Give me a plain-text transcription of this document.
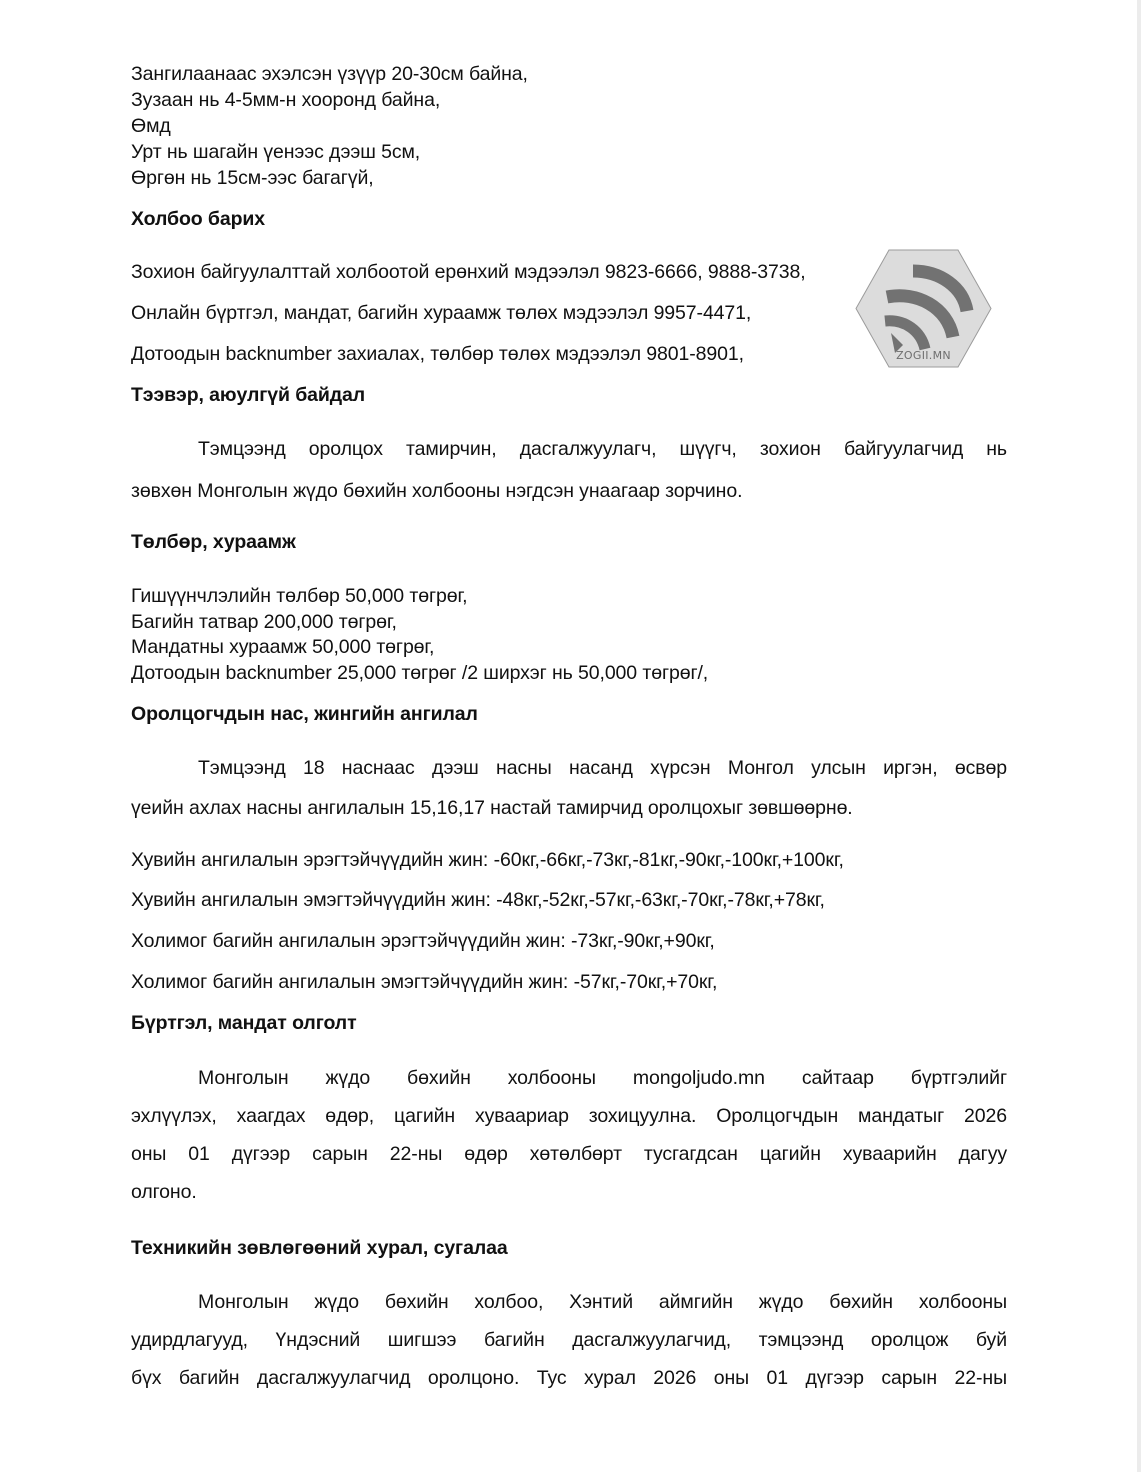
Зангилаанаас эхэлсэн үзүүр 20-30см байна,
Зузаан нь 4-5мм-н хооронд байна,
Өмд
Урт нь шагайн үенээс дээш 5см,
Өргөн нь 15см-ээс багагүй,
Холбоо барих
Зохион байгуулалттай холбоотой ерөнхий мэдээлэл 9823-6666, 9888-3738,
Онлайн бүртгэл, мандат, багийн хураамж төлөх мэдээлэл 9957-4471,
Дотоодын backnumber захиалах, төлбөр төлөх мэдээлэл 9801-8901,
Тээвэр, аюулгүй байдал
Тэмцээнд оролцох тамирчин, дасгалжуулагч, шүүгч, зохион байгуулагчид нь
зөвхөн Монголын жүдо бөхийн холбооны нэгдсэн унаагаар зорчино.
Төлбөр, хураамж
Гишүүнчлэлийн төлбөр 50,000 төгрөг,
Багийн татвар 200,000 төгрөг,
Мандатны хураамж 50,000 төгрөг,
Дотоодын backnumber 25,000 төгрөг /2 ширхэг нь 50,000 төгрөг/,
Оролцогчдын нас, жингийн ангилал
Тэмцээнд 18 наснаас дээш насны насанд хүрсэн Монгол улсын иргэн, өсвөр
үеийн ахлах насны ангилалын 15,16,17 настай тамирчид оролцохыг зөвшөөрнө.
Хувийн ангилалын эрэгтэйчүүдийн жин: -60кг,-66кг,-73кг,-81кг,-90кг,-100кг,+100кг,
Хувийн ангилалын эмэгтэйчүүдийн жин: -48кг,-52кг,-57кг,-63кг,-70кг,-78кг,+78кг,
Холимог багийн ангилалын эрэгтэйчүүдийн жин: -73кг,-90кг,+90кг,
Холимог багийн ангилалын эмэгтэйчүүдийн жин: -57кг,-70кг,+70кг,
Бүртгэл, мандат олголт
Монголын жүдо бөхийн холбооны mongoljudo.mn сайтаар бүртгэлийг
эхлүүлэх, хаагдах өдөр, цагийн хуваариар зохицуулна. Оролцогчдын мандатыг 2026
оны 01 дүгээр сарын 22-ны өдөр хөтөлбөрт тусгагдсан цагийн хуваарийн дагуу
олгоно.
Техникийн зөвлөгөөний хурал, сугалаа
Монголын жүдо бөхийн холбоо, Хэнтий аймгийн жүдо бөхийн холбооны
удирдлагууд, Үндэсний шигшээ багийн дасгалжуулагчид, тэмцээнд оролцож буй
бүх багийн дасгалжуулагчид оролцоно. Тус хурал 2026 оны 01 дүгээр сарын 22-ны
ZOGII.MN
